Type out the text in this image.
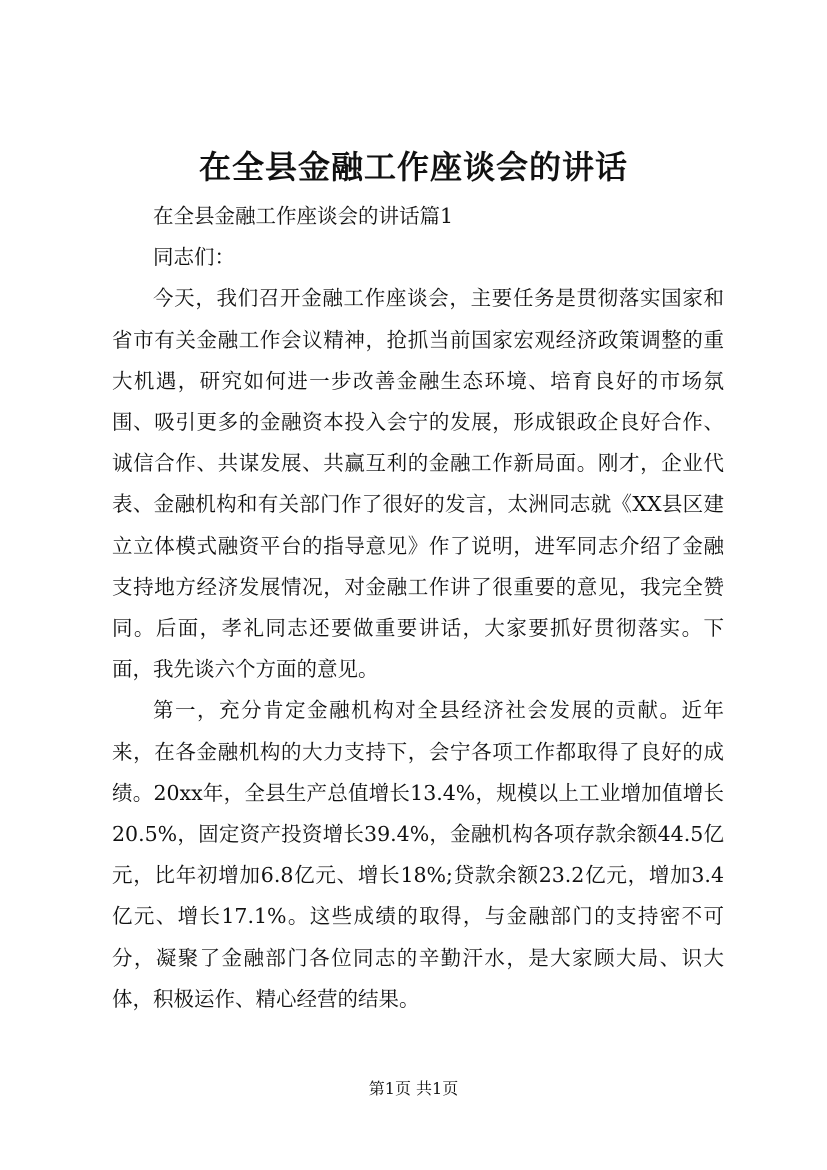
在全县金融工作座谈会的讲话

在全县金融工作座谈会的讲话篇1

同志们：

今天，我们召开金融工作座谈会，主要任务是贯彻落实国家和省市有关金融工作会议精神，抢抓当前国家宏观经济政策调整的重大机遇，研究如何进一步改善金融生态环境、培育良好的市场氛围、吸引更多的金融资本投入会宁的发展，形成银政企良好合作、诚信合作、共谋发展、共赢互利的金融工作新局面。刚才，企业代表、金融机构和有关部门作了很好的发言，太洲同志就《XX县区建立立体模式融资平台的指导意见》作了说明，进军同志介绍了金融支持地方经济发展情况，对金融工作讲了很重要的意见，我完全赞同。后面，孝礼同志还要做重要讲话，大家要抓好贯彻落实。下面，我先谈六个方面的意见。

第一，充分肯定金融机构对全县经济社会发展的贡献。近年来，在各金融机构的大力支持下，会宁各项工作都取得了良好的成绩。20xx年，全县生产总值增长13.4%，规模以上工业增加值增长20.5%，固定资产投资增长39.4%，金融机构各项存款余额44.5亿元，比年初增加6.8亿元、增长18%;贷款余额23.2亿元，增加3.4亿元、增长17.1%。这些成绩的取得，与金融部门的支持密不可分，凝聚了金融部门各位同志的辛勤汗水，是大家顾大局、识大体，积极运作、精心经营的结果。

第1页 共1页
